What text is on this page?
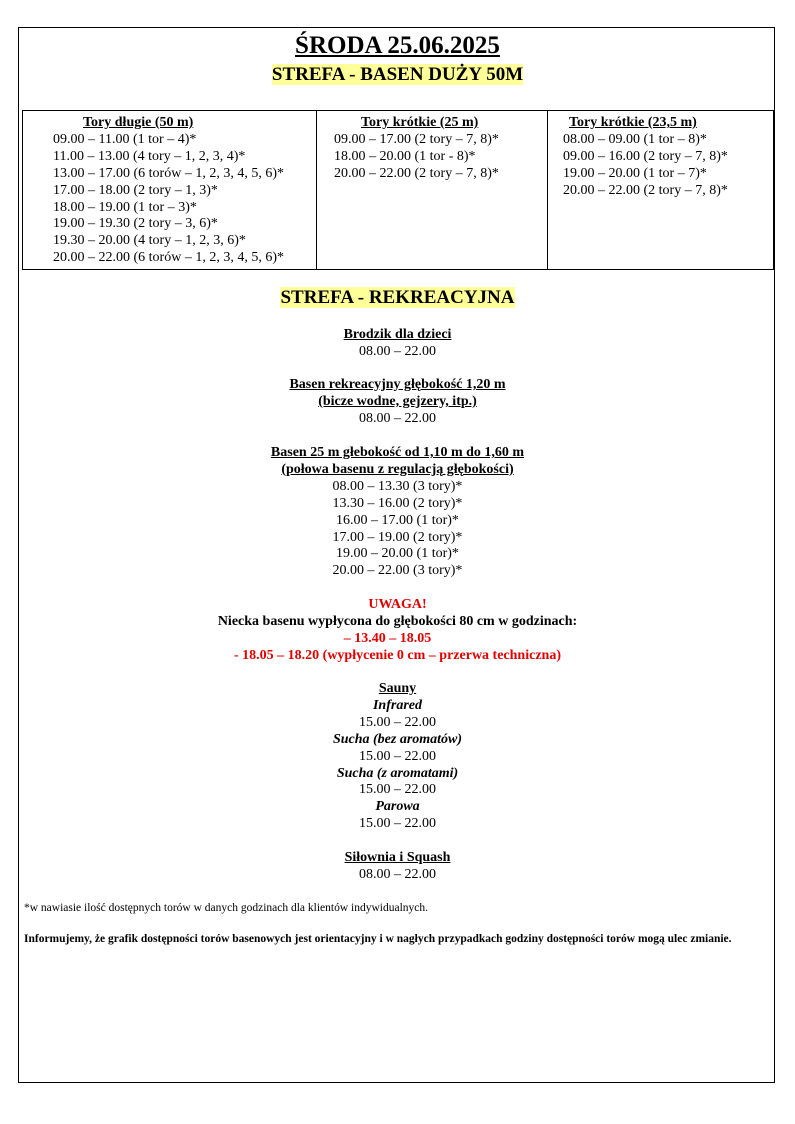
ŚRODA 25.06.2025
STREFA - BASEN DUŻY 50M
Tory długie (50 m)
09.00 – 11.00 (1 tor – 4)*
11.00 – 13.00 (4 tory – 1, 2, 3, 4)*
13.00 – 17.00 (6 torów – 1, 2, 3, 4, 5, 6)*
17.00 – 18.00 (2 tory – 1, 3)*
18.00 – 19.00 (1 tor – 3)*
19.00 – 19.30 (2 tory – 3, 6)*
19.30 – 20.00 (4 tory – 1, 2, 3, 6)*
20.00 – 22.00 (6 torów – 1, 2, 3, 4, 5, 6)*
Tory krótkie (25 m)
09.00 – 17.00 (2 tory – 7, 8)*
18.00 – 20.00 (1 tor - 8)*
20.00 – 22.00 (2 tory – 7, 8)*
Tory krótkie (23,5 m)
08.00 – 09.00 (1 tor – 8)*
09.00 – 16.00 (2 tory – 7, 8)*
19.00 – 20.00 (1 tor – 7)*
20.00 – 22.00 (2 tory – 7, 8)*
STREFA - REKREACYJNA
Brodzik dla dzieci
08.00 – 22.00
Basen rekreacyjny głębokość 1,20 m
(bicze wodne, gejzery, itp.)
08.00 – 22.00
Basen 25 m głebokość od 1,10 m do 1,60 m
(połowa basenu z regulacją głębokości)
08.00 – 13.30 (3 tory)*
13.30 – 16.00 (2 tory)*
16.00 – 17.00 (1 tor)*
17.00 – 19.00 (2 tory)*
19.00 – 20.00 (1 tor)*
20.00 – 22.00 (3 tory)*
UWAGA!
Niecka basenu wypłycona do głębokości 80 cm w godzinach:
– 13.40 – 18.05
- 18.05 – 18.20 (wypłycenie 0 cm – przerwa techniczna)
Sauny
Infrared
15.00 – 22.00
Sucha (bez aromatów)
15.00 – 22.00
Sucha (z aromatami)
15.00 – 22.00
Parowa
15.00 – 22.00
Siłownia i Squash
08.00 – 22.00
*w nawiasie ilość dostępnych torów w danych godzinach dla klientów indywidualnych.
Informujemy, że grafik dostępności torów basenowych jest orientacyjny i w nagłych przypadkach godziny dostępności torów mogą ulec zmianie.
